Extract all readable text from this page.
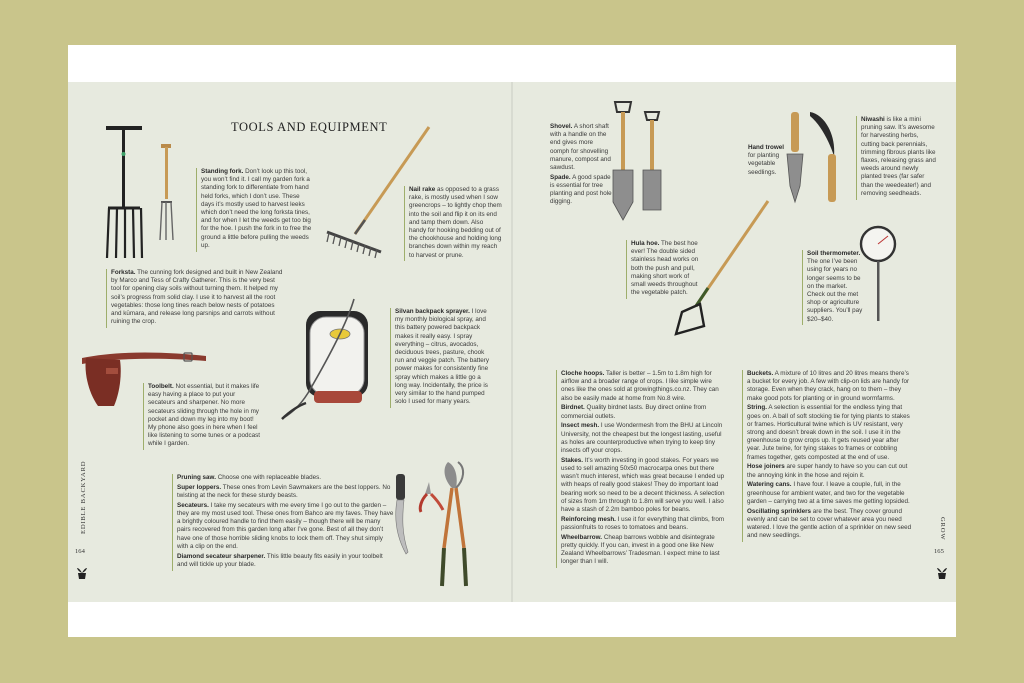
TOOLS AND EQUIPMENT

Standing fork. Don’t look up this tool, you won’t find it. I call my garden fork a standing fork to differentiate from hand held forks, which I don’t use. These days it’s mostly used to harvest leeks which don’t need the long forksta tines, and for when I let the weeds get too big for the hoe. I push the fork in to free the ground a little before pulling the weeds up.

Nail rake as opposed to a grass rake, is mostly used when I sow greencrops – to lightly chop them into the soil and flip it on its end and tamp them down. Also handy for hooking bedding out of the chookhouse and holding long branches down within my reach to harvest or prune.

Forksta. The cunning fork designed and built in New Zealand by Marco and Tess of Crafty Gatherer. This is the very best tool for opening clay soils without turning them. It helped my soil’s progress from solid clay. I use it to harvest all the root vegetables: those long tines reach below nests of potatoes and kūmara, and release long parsnips and carrots without ruining the crop.

Silvan backpack sprayer. I love my monthly biological spray, and this battery powered backpack makes it really easy. I spray everything – citrus, avocados, deciduous trees, pasture, chook run and veggie patch. The battery power makes for consistently fine spray which makes a little go a long way. Incidentally, the price is very similar to the hand pumped solo I used for many years.

Toolbelt. Not essential, but it makes life easy having a place to put your secateurs and sharpener. No more secateurs sliding through the hole in my pocket and down my leg into my boot! My phone also goes in here when I feel like listening to some tunes or a podcast while I garden.

Pruning saw. Choose one with replaceable blades.

Super loppers. These ones from Levin Sawmakers are the best loppers. No twisting at the neck for these sturdy beasts.

Secateurs. I take my secateurs with me every time I go out to the garden – they are my most used tool. These ones from Bahco are my faves. They have a brightly coloured handle to find them easily – though there will be many pairs recovered from this garden long after I’ve gone. Best of all they don’t have one of those horrible sliding knobs to lock them off. They shut simply with a clip on the end.

Diamond secateur sharpener. This little beauty fits easily in your toolbelt and will tickle up your blade.

EDIBLE BACKYARD
164

Shovel. A short shaft with a handle on the end gives more oomph for shovelling manure, compost and sawdust.

Spade. A good spade is essential for tree planting and post hole digging.

Hand trowel for planting vegetable seedlings.

Niwashi is like a mini pruning saw. It’s awesome for harvesting herbs, cutting back perennials, trimming fibrous plants like flaxes, releasing grass and weeds around newly planted trees (far safer than the weedeater!) and removing seedheads.

Hula hoe. The best hoe ever! The double sided stainless head works on both the push and pull, making short work of small weeds throughout the vegetable patch.

Soil thermometer. The one I’ve been using for years no longer seems to be on the market. Check out the met shop or agriculture suppliers. You’ll pay $20–$40.

Cloche hoops. Taller is better – 1.5m to 1.8m high for airflow and a broader range of crops. I like simple wire ones like the ones sold at growingthings.co.nz. They can also be easily made at home from No.8 wire.

Birdnet. Quality birdnet lasts. Buy direct online from commercial outlets.

Insect mesh. I use Wondermesh from the BHU at Lincoln University, not the cheapest but the longest lasting, useful as holes are counterproductive when trying to keep tiny insects off your crops.

Stakes. It’s worth investing in good stakes. For years we used to sell amazing 50x50 macrocarpa ones but there wasn’t much interest, which was great because I ended up with heaps of really good stakes! They do important load bearing work so need to be a decent thickness. A selection of sizes from 1m through to 1.8m will serve you well. I also have a stash of 2.2m bamboo poles for beans.

Reinforcing mesh. I use it for everything that climbs, from passionfruits to roses to tomatoes and beans.

Wheelbarrow. Cheap barrows wobble and disintegrate pretty quickly. If you can, invest in a good one like New Zealand Wheelbarrows’ Tradesman. I expect mine to last longer than I will.

Buckets. A mixture of 10 litres and 20 litres means there’s a bucket for every job. A few with clip-on lids are handy for storage. Even when they crack, hang on to them – they make good pots for planting or in ground wormfarms.

String. A selection is essential for the endless tying that goes on. A ball of soft stocking tie for tying plants to stakes or frames. Horticultural twine which is UV resistant, very strong and doesn’t break down in the soil. I use it in the greenhouse to grow crops up. It gets reused year after year. Jute twine, for tying stakes to frames or cobbling frames together, gets composted at the end of use.

Hose joiners are super handy to have so you can cut out the annoying kink in the hose and rejoin it.

Watering cans. I have four. I leave a couple, full, in the greenhouse for ambient water, and two for the vegetable garden – carrying two at a time saves me getting lopsided.

Oscillating sprinklers are the best. They cover ground evenly and can be set to cover whatever area you need watered. I love the gentle action of a sprinkler on new seed and new seedlings.	GROW
165
